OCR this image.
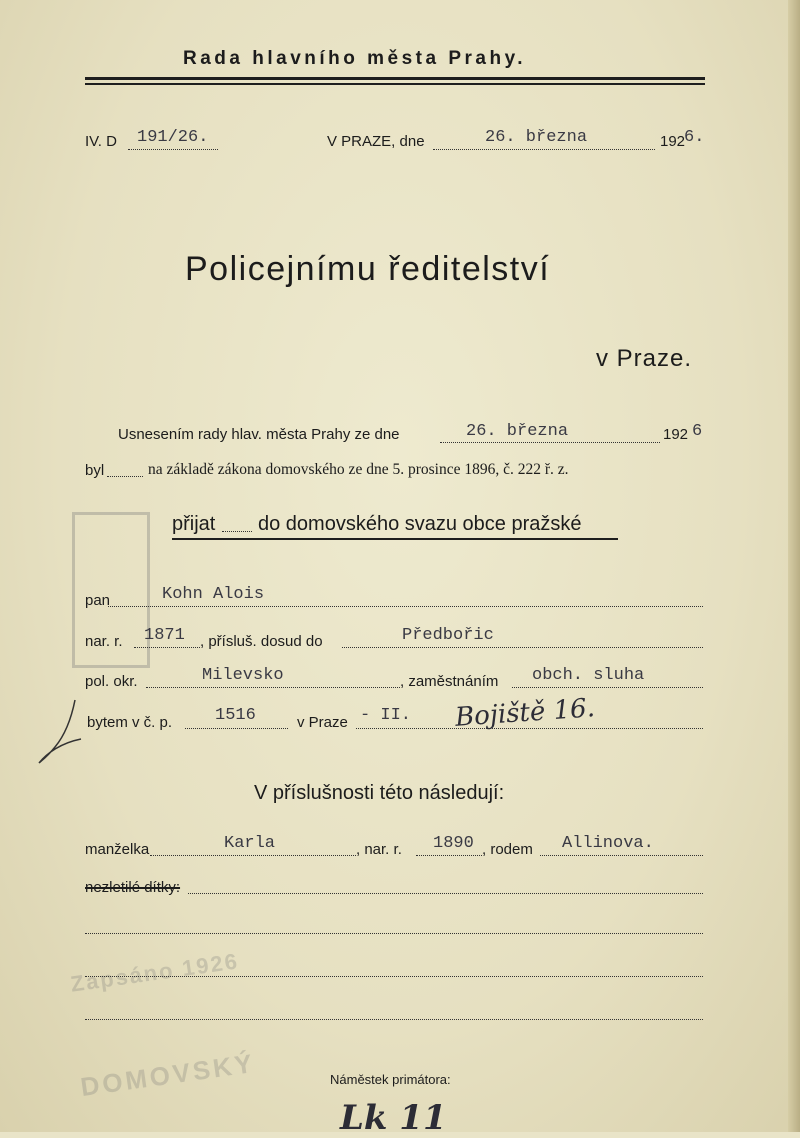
Zapsáno 1926
DOMOVSKÝ
Rada hlavního města Prahy.
IV. D 191/26.	V PRAZE, dne	26. března	192
6.
Policejnímu ředitelství
v Praze.
Usnesením rady hlav. města Prahy ze dne	26. března	192 6
byl	na základě zákona domovského ze dne 5. prosince 1896, č. 222 ř. z.
přijat do domovského svazu obce pražské
pan	Kohn Alois
nar. r. 1871 , přísluš. dosud do	Předbořic
pol. okr.	Milevsko	, zaměstnáním obch. sluha
bytem v č. p.	1516	v Praze - II. Bojiště 16.
V příslušnosti této následují:
manželka	Karla	, nar. r. 1890 , rodem Allinova.
nezletilé dítky:
Náměstek primátora:
Lk 11
